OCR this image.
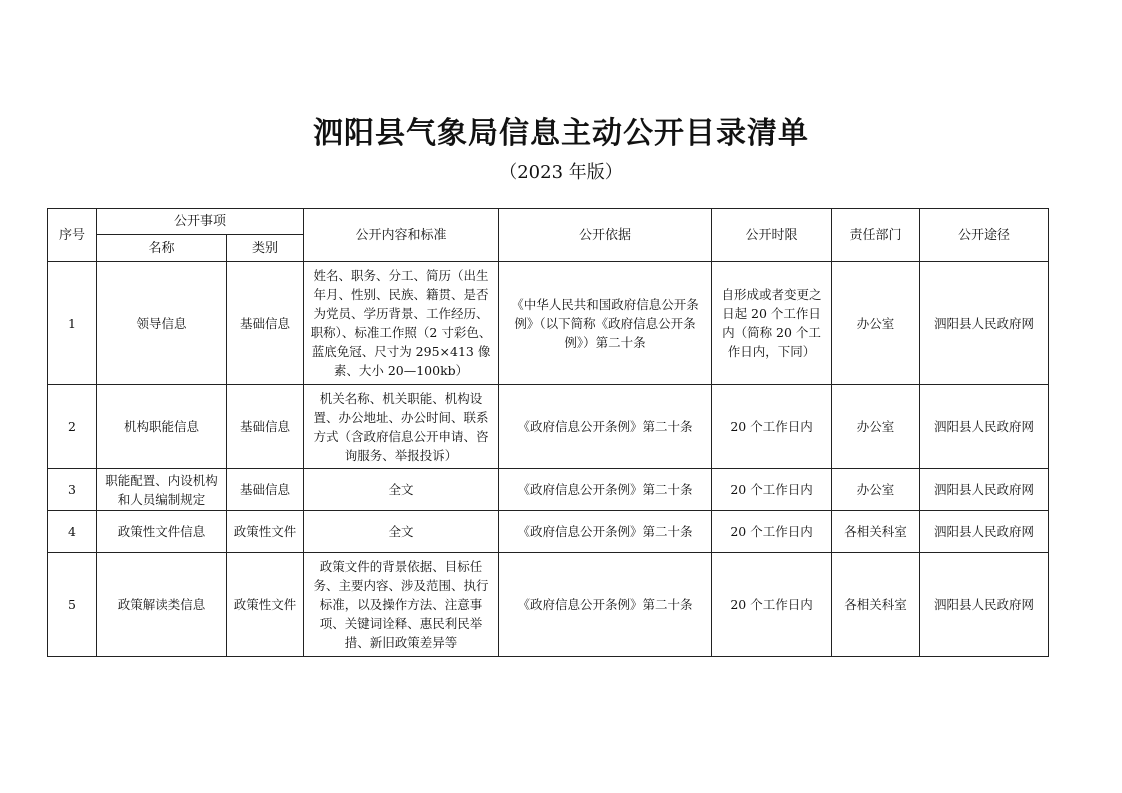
泗阳县气象局信息主动公开目录清单
（2023 年版）
序号	公开事项		公开内容和标准	公开依据	公开时限	责任部门	公开途径
	名称	类别					
1	领导信息	基础信息	姓名、职务、分工、简历（出生年月、性别、民族、籍贯、是否为党员、学历背景、工作经历、职称）、标准工作照（2 寸彩色、蓝底免冠、尺寸为 295×413 像素、大小 20—100kb）	《中华人民共和国政府信息公开条例》（以下简称《政府信息公开条例》）第二十条	自形成或者变更之日起 20 个工作日内（简称 20 个工作日内，下同）	办公室	泗阳县人民政府网
2	机构职能信息	基础信息	机关名称、机关职能、机构设置、办公地址、办公时间、联系方式（含政府信息公开申请、咨询服务、举报投诉）	《政府信息公开条例》第二十条	20 个工作日内	办公室	泗阳县人民政府网
3	职能配置、内设机构和人员编制规定	基础信息	全文	《政府信息公开条例》第二十条	20 个工作日内	办公室	泗阳县人民政府网
4	政策性文件信息	政策性文件	全文	《政府信息公开条例》第二十条	20 个工作日内	各相关科室	泗阳县人民政府网
5	政策解读类信息	政策性文件	政策文件的背景依据、目标任务、主要内容、涉及范围、执行标准，以及操作方法、注意事项、关键词诠释、惠民利民举措、新旧政策差异等	《政府信息公开条例》第二十条	20 个工作日内	各相关科室	泗阳县人民政府网
